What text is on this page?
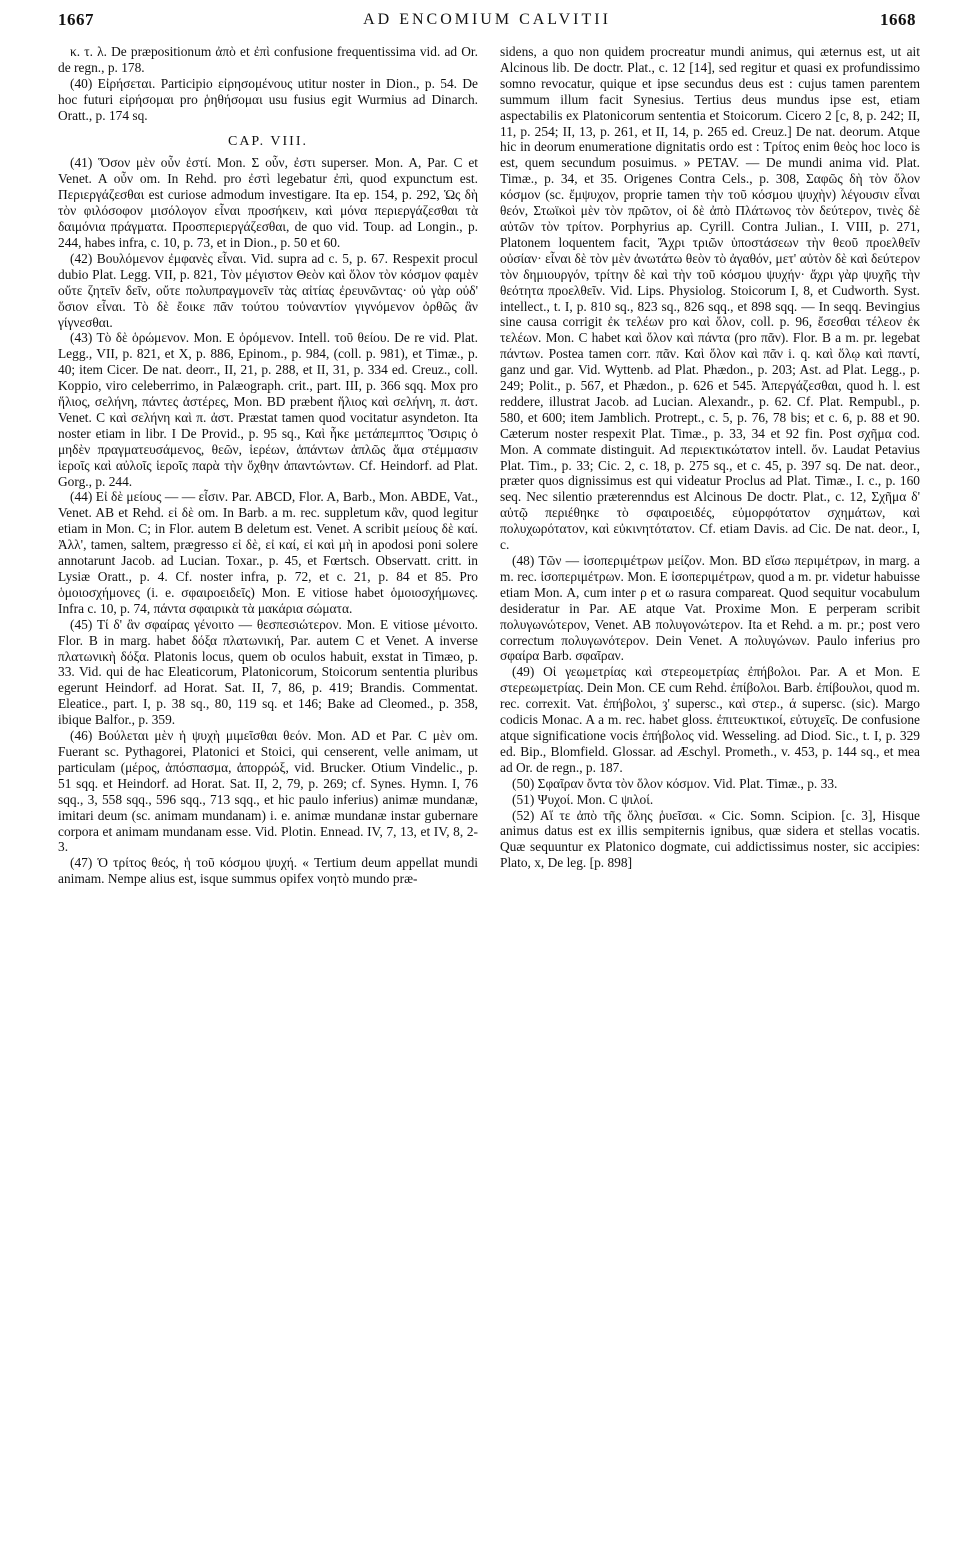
1667	AD ENCOMIUM CALVITII	1668

κ. τ. λ. De præpositionum ἀπὸ et ἐπὶ confusione frequentissima vid. ad Or. de regn., p. 178.

(40) Εἰρήσεται. Participio εἰρησομένους utitur noster in Dion., p. 54. De hoc futuri εἰρήσομαι pro ῥηθήσομαι usu fusius egit Wurmius ad Dinarch. Oratt., p. 174 sq.

CAP. VIII.

(41) Ὅσον μὲν οὖν ἐστί. Mon. Σ οὖν, ἐστι superser. Mon. A, Par. C et Venet. A οὖν om. In Rehd. pro ἐστὶ legebatur ἐπὶ, quod expunctum est. Περιεργάζεσθαι est curiose admodum investigare. Ita ep. 154, p. 292, Ὡς δὴ τὸν φιλόσοφον μισόλογον εἶναι προσήκειν, καὶ μόνα περιεργάζεσθαι τὰ δαιμόνια πράγματα. Προσπεριεργάζεσθαι, de quo vid. Toup. ad Longin., p. 244, habes infra, c. 10, p. 73, et in Dion., p. 50 et 60.

(42) Βουλόμενον ἐμφανὲς εἶναι. Vid. supra ad c. 5, p. 67. Respexit procul dubio Plat. Legg. VII, p. 821, Τὸν μέγιστον Θεὸν καὶ ὅλον τὸν κόσμον φαμὲν οὔτε ζητεῖν δεῖν, οὔτε πολυπραγμονεῖν τὰς αἰτίας ἐρευνῶντας· οὐ γὰρ οὐδ' ὅσιον εἶναι. Τὸ δὲ ἔοικε πᾶν τούτου τοὐναντίον γιγνόμενον ὀρθῶς ἂν γίγνεσθαι.

(43) Τὸ δὲ ὁρώμενον. Mon. E ὀρόμενον. Intell. τοῦ θείου. De re vid. Plat. Legg., VII, p. 821, et X, p. 886, Epinom., p. 984, (coll. p. 981), et Timæ., p. 40; item Cicer. De nat. deorr., II, 21, p. 288, et II, 31, p. 334 ed. Creuz., coll. Koppio, viro celeberrimo, in Palæograph. crit., part. III, p. 366 sqq. Mox pro ἥλιος, σελήνη, πάντες ἀστέρες, Mon. BD præbent ἥλιος καὶ σελήνη, π. ἀστ. Venet. C καὶ σελήνη καὶ π. ἀστ. Præstat tamen quod vocitatur asyndeton. Ita noster etiam in libr. I De Provid., p. 95 sq., Καὶ ἧκε μετάπεμπτος Ὄσιρις ὁ μηδὲν πραγματευσάμενος, θεῶν, ἱερέων, ἁπάντων ἁπλῶς ἅμα στέμμασιν ἱεροῖς καὶ αὐλοῖς ἱεροῖς παρὰ τὴν ὄχθην ἀπαντώντων. Cf. Heindorf. ad Plat. Gorg., p. 244.

(44) Εἰ δὲ μείους — — εἶσιν. Par. ABCD, Flor. A, Barb., Mon. ABDE, Vat., Venet. AB et Rehd. εἰ δὲ om. In Barb. a m. rec. suppletum κἂν, quod legitur etiam in Mon. C; in Flor. autem B deletum est. Venet. A scribit μείους δὲ καί. Ἀλλ', tamen, saltem, prægresso εἰ δὲ, εἰ καί, εἰ καὶ μὴ in apodosi poni solere annotarunt Jacob. ad Lucian. Toxar., p. 45, et Fœrtsch. Observatt. critt. in Lysiæ Oratt., p. 4. Cf. noster infra, p. 72, et c. 21, p. 84 et 85. Pro ὁμοιοσχήμονες (i. e. σφαιροειδεῖς) Mon. E vitiose habet ὁμοιοσχήμωνες. Infra c. 10, p. 74, πάντα σφαιρικὰ τὰ μακάρια σώματα.

(45) Τί δ' ἂν σφαίρας γένοιτο — θεσπεσιώτερον. Mon. E vitiose μένοιτο. Flor. B in marg. habet δόξα πλατωνική, Par. autem C et Venet. A inverse πλατωνικὴ δόξα. Platonis locus, quem ob oculos habuit, exstat in Timæo, p. 33. Vid. qui de hac Eleaticorum, Platonicorum, Stoicorum sententia pluribus egerunt Heindorf. ad Horat. Sat. II, 7, 86, p. 419; Brandis. Commentat. Eleatice., part. I, p. 38 sq., 80, 119 sq. et 146; Bake ad Cleomed., p. 358, ibique Balfor., p. 359.

(46) Βούλεται μὲν ἡ ψυχὴ μιμεῖσθαι θεόν. Mon. AD et Par. C μὲν om. Fuerant sc. Pythagorei, Platonici et Stoici, qui censerent, velle animam, ut particulam (μέρος, ἀπόσπασμα, ἀπορρώξ, vid. Brucker. Otium Vindelic., p. 51 sqq. et Heindorf. ad Horat. Sat. II, 2, 79, p. 269; cf. Synes. Hymn. I, 76 sqq., 3, 558 sqq., 596 sqq., 713 sqq., et hic paulo inferius) animæ mundanæ, imitari deum (sc. animam mundanam) i. e. animæ mundanæ instar gubernare corpora et animam mundanam esse. Vid. Plotin. Ennead. IV, 7, 13, et IV, 8, 2-3.

(47) Ὁ τρίτος θεός, ἡ τοῦ κόσμου ψυχή. « Tertium deum appellat mundi animam. Nempe alius est, isque summus opifex νοητὸ mundo præ-

sidens, a quo non quidem procreatur mundi animus, qui æternus est, ut ait Alcinous lib. De doctr. Plat., c. 12 [14], sed regitur et quasi ex profundissimo somno revocatur, quique et ipse secundus deus est : cujus tamen parentem summum illum facit Synesius. Tertius deus mundus ipse est, etiam aspectabilis ex Platonicorum sententia et Stoicorum. Cicero 2 [c, 8, p. 242; II, 11, p. 254; II, 13, p. 261, et II, 14, p. 265 ed. Creuz.] De nat. deorum. Atque hic in deorum enumeratione dignitatis ordo est : Τρίτος enim θεὸς hoc loco is est, quem secundum posuimus. » PETAV. — De mundi anima vid. Plat. Timæ., p. 34, et 35. Origenes Contra Cels., p. 308, Σαφῶς δὴ τὸν ὅλον κόσμον (sc. ἔμψυχον, proprie tamen τὴν τοῦ κόσμου ψυχὴν) λέγουσιν εἶναι θεόν, Στωϊκοὶ μὲν τὸν πρῶτον, οἱ δὲ ἀπὸ Πλάτωνος τὸν δεύτερον, τινὲς δὲ αὐτῶν τὸν τρίτον. Porphyrius ap. Cyrill. Contra Julian., I. VIII, p. 271, Platonem loquentem facit, Ἄχρι τριῶν ὑποστάσεων τὴν θεοῦ προελθεῖν οὐσίαν· εἶναι δὲ τὸν μὲν ἀνωτάτω θεὸν τὸ ἀγαθόν, μετ' αὐτὸν δὲ καὶ δεύτερον τὸν δημιουργόν, τρίτην δὲ καὶ τὴν τοῦ κόσμου ψυχήν· ἄχρι γὰρ ψυχῆς τὴν θεότητα προελθεῖν. Vid. Lips. Physiolog. Stoicorum I, 8, et Cudworth. Syst. intellect., t. I, p. 810 sq., 823 sq., 826 sqq., et 898 sqq. — In seqq. Bevingius sine causa corrigit ἐκ τελέων pro καὶ ὅλον, coll. p. 96, ἔσεσθαι τέλεον ἐκ τελέων. Mon. C habet καὶ ὅλον καὶ πάντα (pro πᾶν). Flor. B a m. pr. legebat πάντων. Postea tamen corr. πᾶν. Καὶ ὅλον καὶ πᾶν i. q. καὶ ὅλῳ καὶ παντί, ganz und gar. Vid. Wyttenb. ad Plat. Phædon., p. 203; Ast. ad Plat. Legg., p. 249; Polit., p. 567, et Phædon., p. 626 et 545. Ἀπεργάζεσθαι, quod h. l. est reddere, illustrat Jacob. ad Lucian. Alexandr., p. 62. Cf. Plat. Rempubl., p. 580, et 600; item Jamblich. Protrept., c. 5, p. 76, 78 bis; et c. 6, p. 88 et 90. Cæterum noster respexit Plat. Timæ., p. 33, 34 et 92 fin. Post σχῆμα cod. Mon. A commate distinguit. Ad περιεκτικώτατον intell. ὄν. Laudat Petavius Plat. Tim., p. 33; Cic. 2, c. 18, p. 275 sq., et c. 45, p. 397 sq. De nat. deor., præter quos dignissimus est qui videatur Proclus ad Plat. Timæ., I. c., p. 160 seq. Nec silentio præterenndus est Alcinous De doctr. Plat., c. 12, Σχῆμα δ' αὐτῷ περιέθηκε τὸ σφαιροειδές, εὐμορφότατον σχημάτων, καὶ πολυχωρότατον, καὶ εὐκινητότατον. Cf. etiam Davis. ad Cic. De nat. deor., I, c.

(48) Τῶν — ἰσοπεριμέτρων μείζον. Mon. BD εἴσω περιμέτρων, in marg. a m. rec. ἰσοπεριμέτρων. Mon. E ἰσοπεριμέτρων, quod a m. pr. videtur habuisse etiam Mon. A, cum inter ρ et ω rasura compareat. Quod sequitur vocabulum desideratur in Par. AE atque Vat. Proxime Mon. E perperam scribit πολυγωνώτερον, Venet. AB πολυγονώτερον. Ita et Rehd. a m. pr.; post vero correctum πολυγωνότερον. Dein Venet. A πολυγώνων. Paulo inferius pro σφαίρα Barb. σφαῖραν.

(49) Οἱ γεωμετρίας καὶ στερεομετρίας ἐπήβολοι. Par. A et Mon. E στερεωμετρίας. Dein Mon. CE cum Rehd. ἐπίβολοι. Barb. ἐπίβουλοι, quod m. rec. correxit. Vat. ἐπήβολοι, ȝ' supersc., καὶ στερ., ά supersc. (sic). Margo codicis Monac. A a m. rec. habet gloss. ἐπιτευκτικοί, εὐτυχεῖς. De confusione atque significatione vocis ἐπήβολος vid. Wesseling. ad Diod. Sic., t. I, p. 329 ed. Bip., Blomfield. Glossar. ad Æschyl. Prometh., v. 453, p. 144 sq., et mea ad Or. de regn., p. 187.

(50) Σφαῖραν ὄντα τὸν ὅλον κόσμον. Vid. Plat. Timæ., p. 33.

(51) Ψυχοί. Mon. C ψιλοί.

(52) Αἵ τε ἀπὸ τῆς ὅλης ῥυεῖσαι. « Cic. Somn. Scipion. [c. 3], Hisque animus datus est ex illis sempiternis ignibus, quæ sidera et stellas vocatis. Quæ sequuntur ex Platonico dogmate, cui addictissimus noster, sic accipies: Plato, x, De leg. [p. 898]
